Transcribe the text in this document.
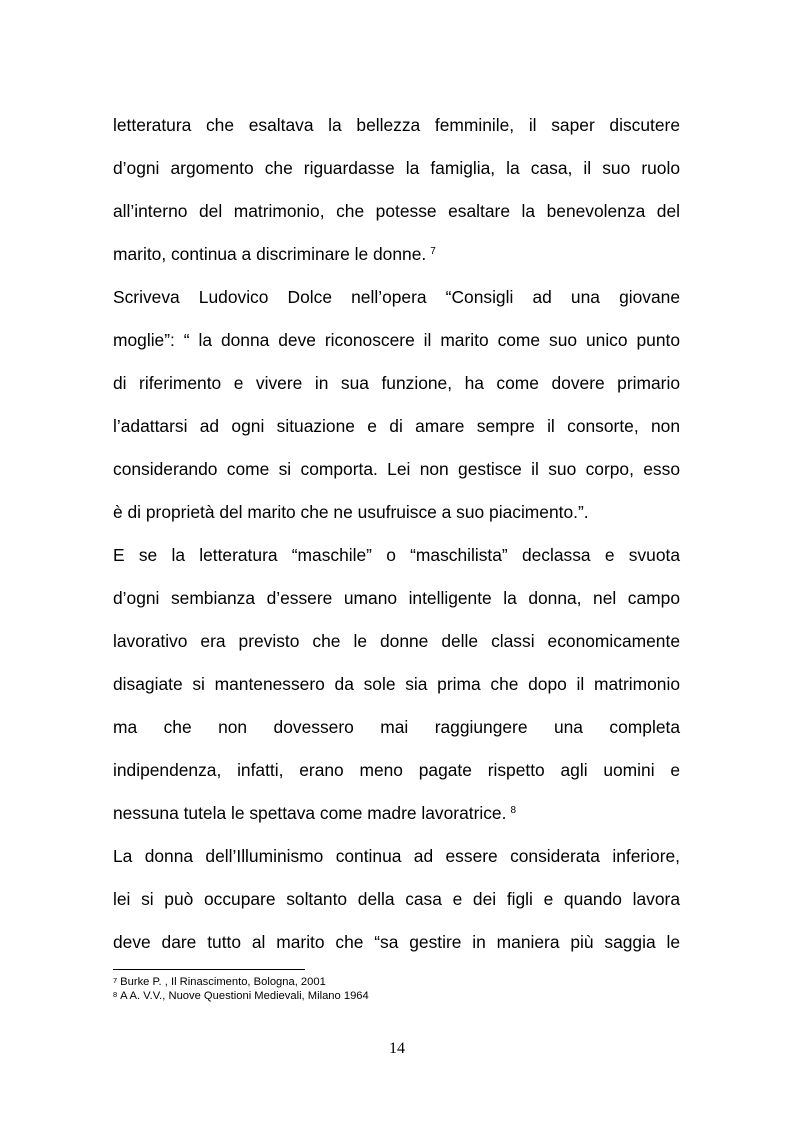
letteratura che esaltava la bellezza femminile, il saper discutere
d’ogni argomento che riguardasse la famiglia, la casa, il suo ruolo
all’interno del matrimonio, che potesse esaltare la benevolenza del
marito, continua a discriminare le donne. $^7$
Scriveva Ludovico Dolce nell’opera “Consigli ad una giovane
moglie”: “ la donna deve riconoscere il marito come suo unico punto
di riferimento e vivere in sua funzione, ha come dovere primario
l’adattarsi ad ogni situazione e di amare sempre il consorte, non
considerando come si comporta. Lei non gestisce il suo corpo, esso
è di proprietà del marito che ne usufruisce a suo piacimento.”.
E se la letteratura “maschile” o “maschilista” declassa e svuota
d’ogni sembianza d’essere umano intelligente la donna, nel campo
lavorativo era previsto che le donne delle classi economicamente
disagiate si mantenessero da sole sia prima che dopo il matrimonio
ma che non dovessero mai raggiungere una completa
indipendenza, infatti, erano meno pagate rispetto agli uomini e
nessuna tutela le spettava come madre lavoratrice. $^8$
La donna dell’Illuminismo continua ad essere considerata inferiore,
lei si può occupare soltanto della casa e dei figli e quando lavora
deve dare tutto al marito che “sa gestire in maniera più saggia le
$^7$ Burke P. , Il Rinascimento, Bologna, 2001
$^8$ A A. V.V., Nuove Questioni Medievali, Milano 1964
14
